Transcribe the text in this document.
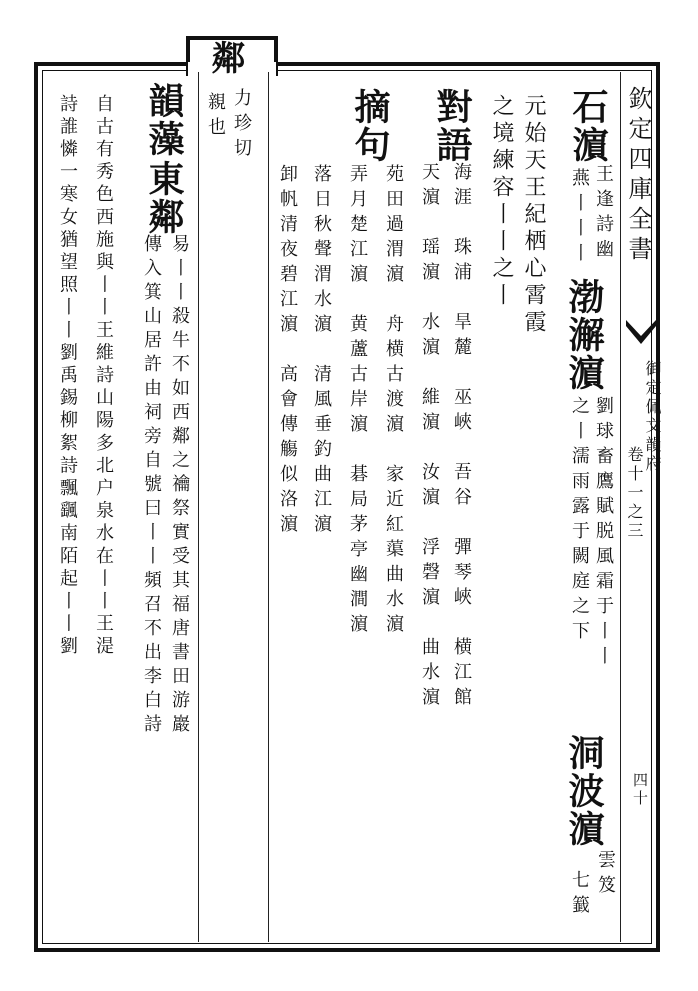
欽定四庫全書
御定佩文韻府
卷十一之三
四十
石濵
王逢詩幽
燕丨丨丨
渤澥濵
劉球畜鷹賦脱風霜于丨丨
之丨濡雨露于闕庭之下
洞波濵
雲笈
七籖
元始天王紀栖心霄霞
之境練容丨丨之丨
對語
海涯　珠浦　旱麓　巫峽　吾谷　彈琴峽　横江館
天濵　瑶濵　水濵　維濵　汝濵　浮磬濵　曲水濵
摘句
苑田過渭濵　舟横古渡濵　家近紅蕖曲水濵
弄月楚江濵　黄蘆古岸濵　碁局茅亭幽澗濵
落日秋聲渭水濵　清風垂釣曲江濵
卸帆清夜碧江濵　高會傳觴似洛濵
鄰
力珍切
親也
韻藻
東鄰
易丨丨殺牛不如西鄰之禴祭實受其福唐書田游巖
傳入箕山居許由祠旁自號曰丨丨頻召不出李白詩
自古有秀色西施與丨丨王維詩山陽多北户泉水在丨丨王湜
詩誰憐一寒女猶望照丨丨劉禹錫柳絮詩飄颻南陌起丨丨劉
